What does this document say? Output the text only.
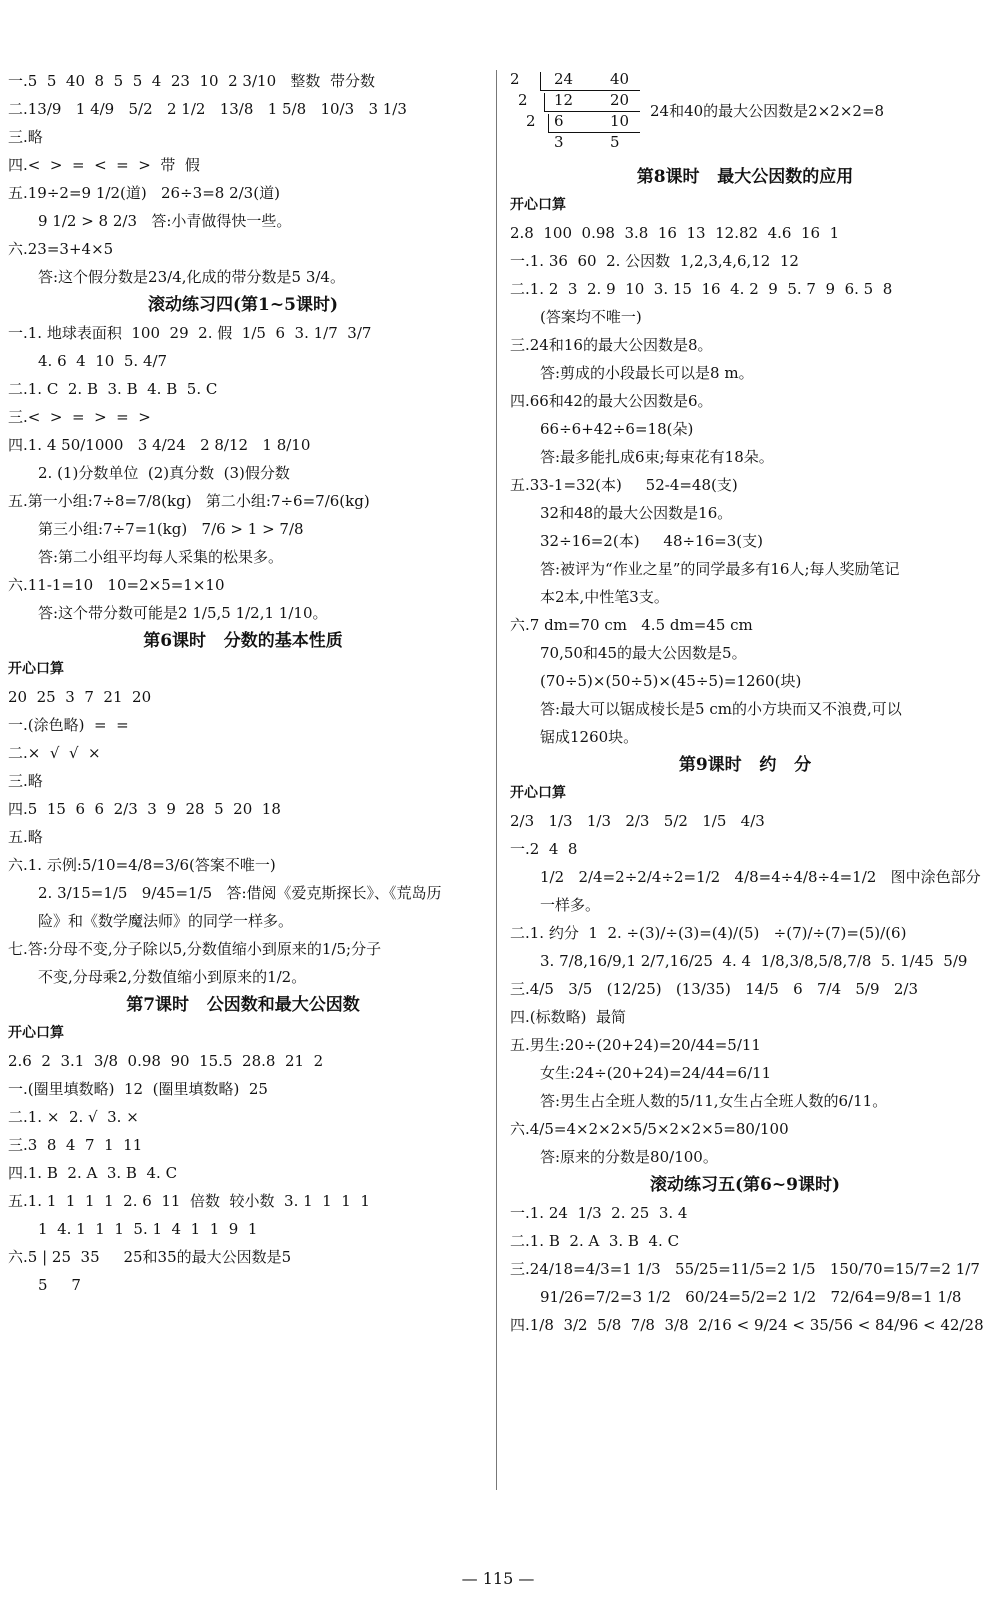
一.5  5  40  8  5  5  4  23  10  2 3/10   整数  带分数
二.13/9   1 4/9   5/2   2 1/2   13/8   1 5/8   10/3   3 1/3
三.略
四.<  >  =  <  =  >  带  假
五.19÷2=9 1/2(道)   26÷3=8 2/3(道)
9 1/2 > 8 2/3   答:小青做得快一些。
六.23=3+4×5
答:这个假分数是23/4,化成的带分数是5 3/4。
滚动练习四(第1~5课时)
一.1. 地球表面积  100  29  2. 假  1/5  6  3. 1/7  3/7
4. 6  4  10  5. 4/7
二.1. C  2. B  3. B  4. B  5. C
三.<  >  =  >  =  >
四.1. 4 50/1000   3 4/24   2 8/12   1 8/10
2. (1)分数单位  (2)真分数  (3)假分数
五.第一小组:7÷8=7/8(kg)   第二小组:7÷6=7/6(kg)
第三小组:7÷7=1(kg)   7/6 > 1 > 7/8
答:第二小组平均每人采集的松果多。
六.11-1=10   10=2×5=1×10
答:这个带分数可能是2 1/5,5 1/2,1 1/10。
第6课时   分数的基本性质
开心口算
20  25  3  7  21  20
一.(涂色略)  =  =
二.×  √  √  ×
三.略
四.5  15  6  6  2/3  3  9  28  5  20  18
五.略
六.1. 示例:5/10=4/8=3/6(答案不唯一)
2. 3/15=1/5   9/45=1/5   答:借阅《爱克斯探长》、《荒岛历
险》和《数学魔法师》的同学一样多。
七.答:分母不变,分子除以5,分数值缩小到原来的1/5;分子
不变,分母乘2,分数值缩小到原来的1/2。
第7课时   公因数和最大公因数
开心口算
2.6  2  3.1  3/8  0.98  90  15.5  28.8  21  2
一.(圈里填数略)  12  (圈里填数略)  25
二.1. ×  2. √  3. ×
三.3  8  4  7  1  11
四.1. B  2. A  3. B  4. C
五.1. 1  1  1  1  2. 6  11  倍数  较小数  3. 1  1  1  1
1  4. 1  1  1  5. 1  4  1  1  9  1
六.5 | 25  35     25和35的最大公因数是5
5     7
2 24 40
2 12 20
2 6	10
3	5
24和40的最大公因数是2×2×2=8
第8课时   最大公因数的应用
开心口算
2.8  100  0.98  3.8  16  13  12.82  4.6  16  1
一.1. 36  60  2. 公因数  1,2,3,4,6,12  12
二.1. 2  3  2. 9  10  3. 15  16  4. 2  9  5. 7  9  6. 5  8
(答案均不唯一)
三.24和16的最大公因数是8。
答:剪成的小段最长可以是8 m。
四.66和42的最大公因数是6。
66÷6+42÷6=18(朵)
答:最多能扎成6束;每束花有18朵。
五.33-1=32(本)     52-4=48(支)
32和48的最大公因数是16。
32÷16=2(本)     48÷16=3(支)
答:被评为“作业之星”的同学最多有16人;每人奖励笔记
本2本,中性笔3支。
六.7 dm=70 cm   4.5 dm=45 cm
70,50和45的最大公因数是5。
(70÷5)×(50÷5)×(45÷5)=1260(块)
答:最大可以锯成棱长是5 cm的小方块而又不浪费,可以
锯成1260块。
第9课时   约   分
开心口算
2/3   1/3   1/3   2/3   5/2   1/5   4/3
一.2  4  8
1/2   2/4=2÷2/4÷2=1/2   4/8=4÷4/8÷4=1/2   图中涂色部分
一样多。
二.1. 约分  1  2. ÷(3)/÷(3)=(4)/(5)   ÷(7)/÷(7)=(5)/(6)
3. 7/8,16/9,1 2/7,16/25  4. 4  1/8,3/8,5/8,7/8  5. 1/45  5/9
三.4/5   3/5   (12/25)   (13/35)   14/5   6   7/4   5/9   2/3
四.(标数略)  最简
五.男生:20÷(20+24)=20/44=5/11
女生:24÷(20+24)=24/44=6/11
答:男生占全班人数的5/11,女生占全班人数的6/11。
六.4/5=4×2×2×5/5×2×2×5=80/100
答:原来的分数是80/100。
滚动练习五(第6~9课时)
一.1. 24  1/3  2. 25  3. 4
二.1. B  2. A  3. B  4. C
三.24/18=4/3=1 1/3   55/25=11/5=2 1/5   150/70=15/7=2 1/7
91/26=7/2=3 1/2   60/24=5/2=2 1/2   72/64=9/8=1 1/8
四.1/8  3/2  5/8  7/8  3/8  2/16 < 9/24 < 35/56 < 84/96 < 42/28
— 115 —
